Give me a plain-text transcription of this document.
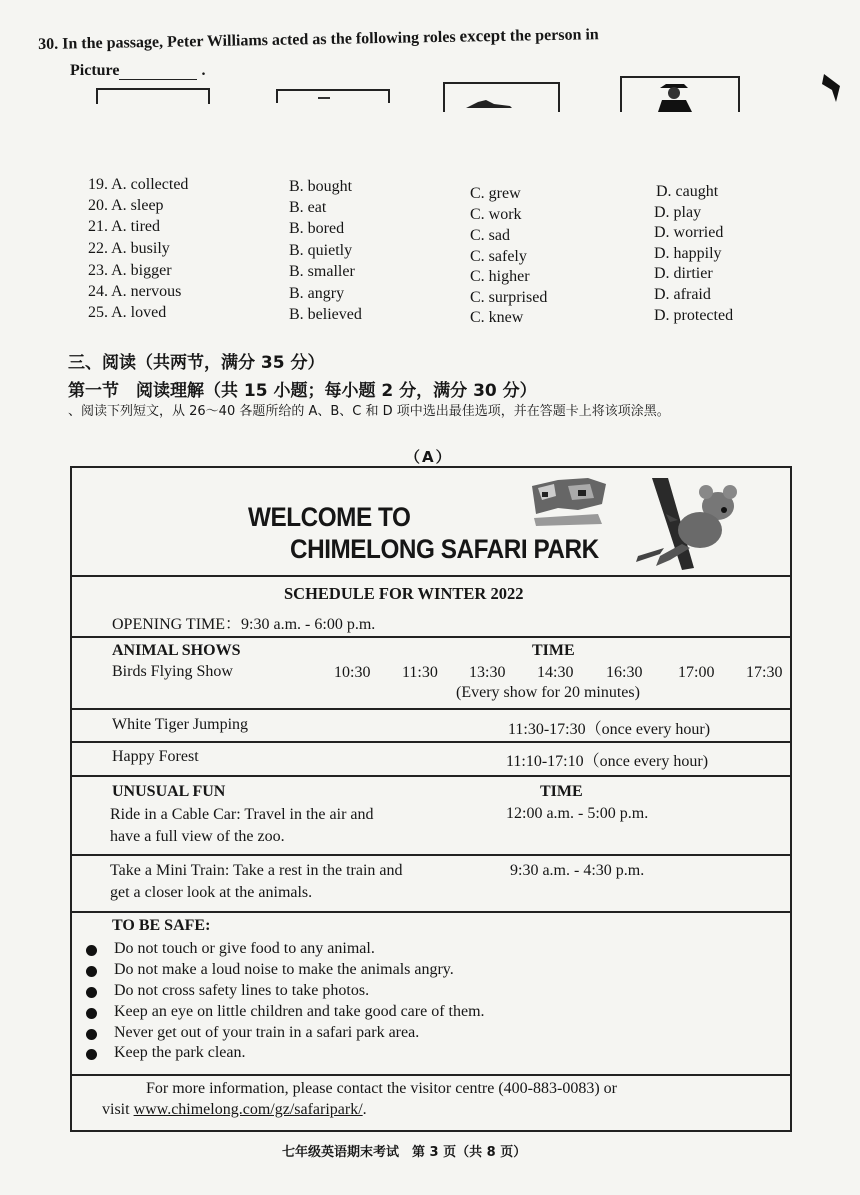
30. In the passage, Peter Williams acted as the following roles except the person in
Picture	.
19. A. collected	B. bought	C. grew	D. caught
20. A. sleep	B. eat	C. work	D. play
21. A. tired	B. bored	C. sad	D. worried
22. A. busily	B. quietly	C. safely	D. happily
23. A. bigger	B. smaller	C. higher	D. dirtier
24. A. nervous	B. angry	C. surprised	D. afraid
25. A. loved	B. believed	C. knew	D. protected
三、阅读（共两节，满分 35 分）
第一节　阅读理解（共 15 小题；每小题 2 分，满分 30 分）
、阅读下列短文，从 26～40 各题所给的 A、B、C 和 D 项中选出最佳选项，并在答题卡上将该项涂黑。
（A）
WELCOME TO
CHIMELONG SAFARI PARK
SCHEDULE FOR WINTER 2022
OPENING TIME：9:30 a.m. - 6:00 p.m.
ANIMAL SHOWS	TIME
Birds Flying Show	10:30 11:30 13:30 14:30 16:30 17:00 17:30
(Every show for 20 minutes)
White Tiger Jumping	11:30-17:30（once every hour)
Happy Forest	11:10-17:10（once every hour)
UNUSUAL FUN	TIME
Ride in a Cable Car: Travel in the air and
have a full view of the zoo.
12:00 a.m. - 5:00 p.m.
Take a Mini Train: Take a rest in the train and
get a closer look at the animals.
9:30 a.m. - 4:30 p.m.
TO BE SAFE:
Do not touch or give food to any animal.
Do not make a loud noise to make the animals angry.
Do not cross safety lines to take photos.
Keep an eye on little children and take good care of them.
Never get out of your train in a safari park area.
Keep the park clean.
For more information, please contact the visitor centre (400-883-0083) or
visit www.chimelong.com/gz/safaripark/.
七年级英语期末考试　第 3 页（共 8 页）
